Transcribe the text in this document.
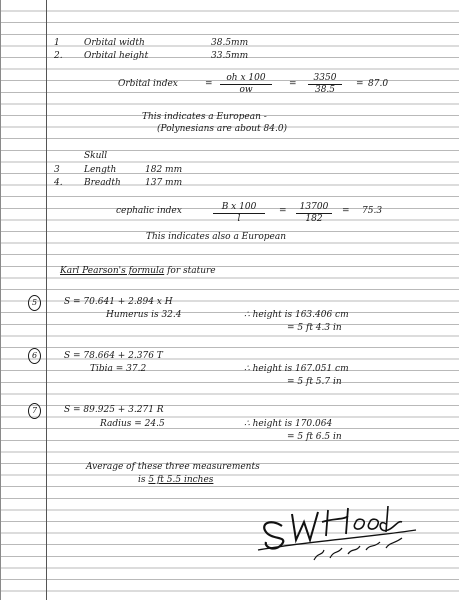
1	Orbital width	38.5mm
2. Orbital height	33.5mm
Orbital index	= $\frac{\text{oh x 100}}{ow} = \frac{3350}{38.5} = 87.0$
This indicates a European -
(Polynesians are about 84.0)
Skull
3	Length	182 mm
4. Breadth	137 mm
cephalic index	$\frac{\text{B x 100}}{l} = \frac{13700}{182} = 75.3$
This indicates also a European
Karl Pearson's formula for stature
5	S = 70.641 + 2.894 x H
Humerus is 32.4	∴ height is 163.406 cm
= 5 ft 4.3 in
6	S = 78.664 + 2.376 T
Tibia = 37.2	∴ height is 167.051 cm
= 5 ft 5.7 in
7	S = 89.925 + 3.271 R
Radius = 24.5	∴ height is 170.064
= 5 ft 6.5 in
Average of these three measurements
is 5 ft 5.5 inches
